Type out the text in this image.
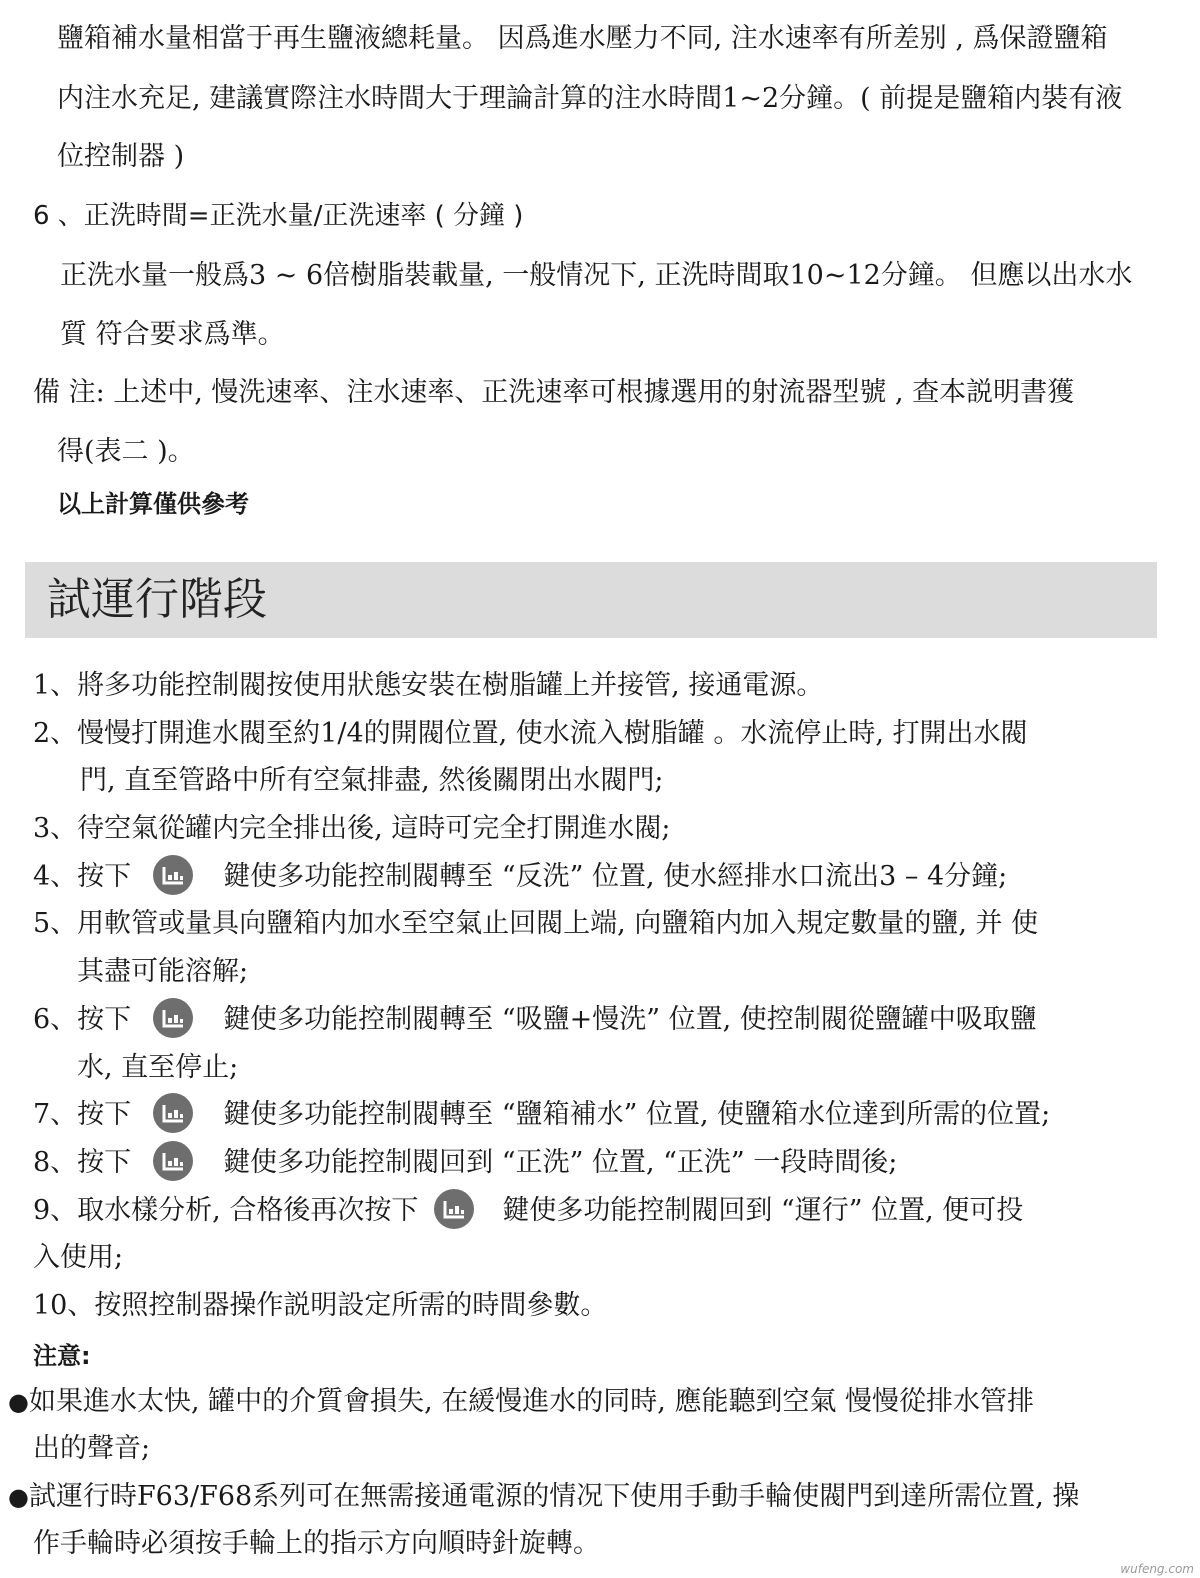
鹽箱補水量相當于再生鹽液總耗量。 因爲進水壓力不同, 注水速率有所差别 , 爲保證鹽箱
内注水充足, 建議實際注水時間大于理論計算的注水時間1~2分鐘。( 前提是鹽箱内裝有液
位控制器 )
6 、正洗時間=正洗水量/正洗速率 ( 分鐘 )
正洗水量一般爲3 ~ 6倍樹脂裝載量, 一般情况下, 正洗時間取10~12分鐘。 但應以出水水
質 符合要求爲準。
備 注: 上述中, 慢洗速率、注水速率、正洗速率可根據選用的射流器型號 , 查本説明書獲
得(表二 )。
以上計算僅供參考
試運行階段
1、將多功能控制閥按使用狀態安裝在樹脂罐上并接管, 接通電源。
2、慢慢打開進水閥至約1/4的開閥位置, 使水流入樹脂罐 。水流停止時, 打開出水閥
門, 直至管路中所有空氣排盡, 然後關閉出水閥門;
3、待空氣從罐内完全排出後, 這時可完全打開進水閥;
4、按下	鍵使多功能控制閥轉至 “反洗” 位置, 使水經排水口流出3 – 4分鐘;
5、用軟管或量具向鹽箱内加水至空氣止回閥上端, 向鹽箱内加入規定數量的鹽, 并 使
其盡可能溶解;
6、按下	鍵使多功能控制閥轉至 “吸鹽+慢洗” 位置, 使控制閥從鹽罐中吸取鹽
水, 直至停止;
7、按下	鍵使多功能控制閥轉至 “鹽箱補水” 位置, 使鹽箱水位達到所需的位置;
8、按下	鍵使多功能控制閥回到 “正洗” 位置, “正洗” 一段時間後;
9、取水樣分析, 合格後再次按下	鍵使多功能控制閥回到 “運行” 位置, 便可投
入使用;
10、按照控制器操作説明設定所需的時間參數。
注意:
●如果進水太快, 罐中的介質會損失, 在緩慢進水的同時, 應能聽到空氣 慢慢從排水管排
出的聲音;
●試運行時F63/F68系列可在無需接通電源的情况下使用手動手輪使閥門到達所需位置, 操
作手輪時必須按手輪上的指示方向順時針旋轉。
wufeng.com
